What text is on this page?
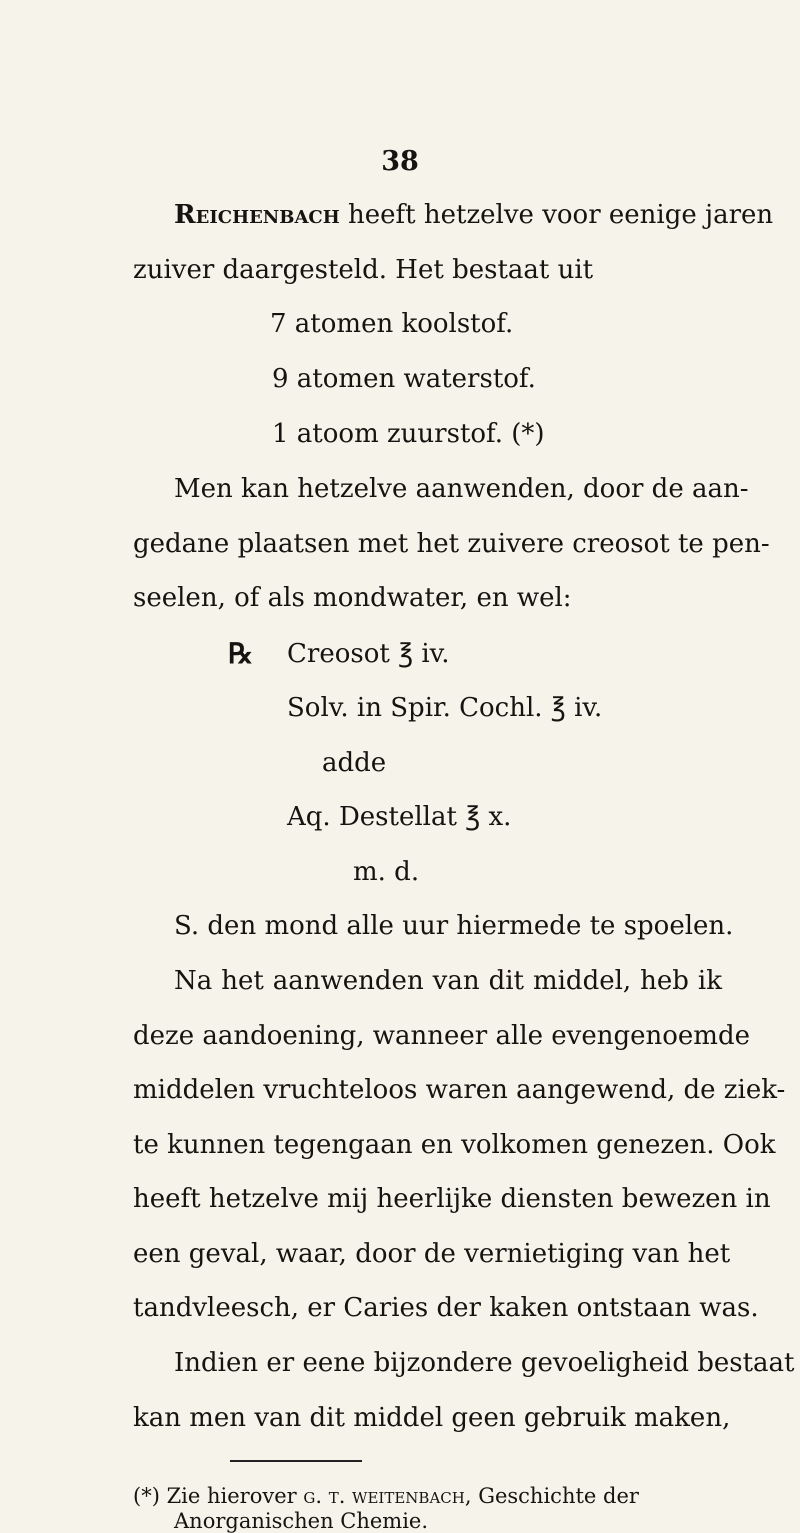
38
Reichenbach heeft hetzelve voor eenige jaren
zuiver daargesteld. Het bestaat uit
7 atomen koolstof.
9 atomen waterstof.
1 atoom zuurstof. (*)
Men kan hetzelve aanwenden, door de aan-
gedane plaatsen met het zuivere creosot te pen-
seelen, of als mondwater, en wel:
℞ Creosot ℥ iv.
Solv. in Spir. Cochl. ℥ iv.
adde
Aq. Destellat ℥ x.
m. d.
S. den mond alle uur hiermede te spoelen.
Na het aanwenden van dit middel, heb ik
deze aandoening, wanneer alle evengenoemde
middelen vruchteloos waren aangewend, de ziek-
te kunnen tegengaan en volkomen genezen. Ook
heeft hetzelve mij heerlijke diensten bewezen in
een geval, waar, door de vernietiging van het
tandvleesch, er Caries der kaken ontstaan was.
Indien er eene bijzondere gevoeligheid bestaat
kan men van dit middel geen gebruik maken,
(*) Zie hierover g. t. weitenbach, Geschichte der
Anorganischen Chemie.
